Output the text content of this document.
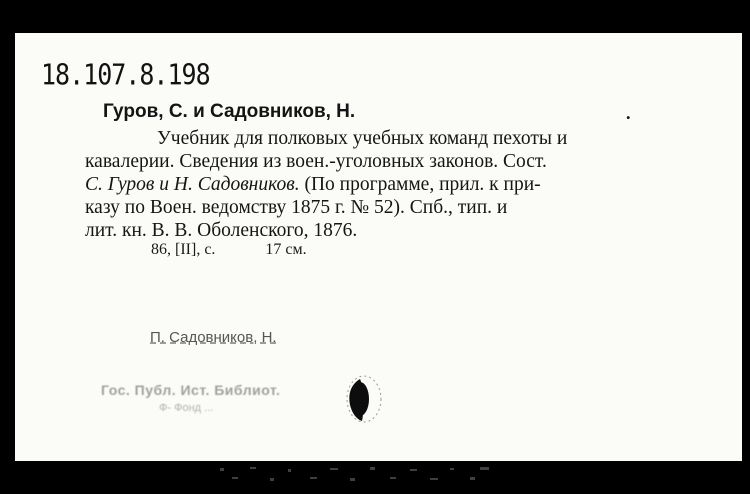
18.107.8.198
Гуров, С. и Садовников, Н.	.
Учебник для полковых учебных команд пехоты и
кавалерии. Сведения из воен.-уголовных законов. Сост.
С. Гуров и Н. Садовников. (По программе, прил. к при-
казу по Воен. ведомству 1875 г. № 52). Спб., тип. и
лит. кн. В. В. Оболенского, 1876.
86, [II], с.	17 см.
П. Садовников, Н.
Гос. Публ. Ист. Библиот.
Ф- Фонд ...
